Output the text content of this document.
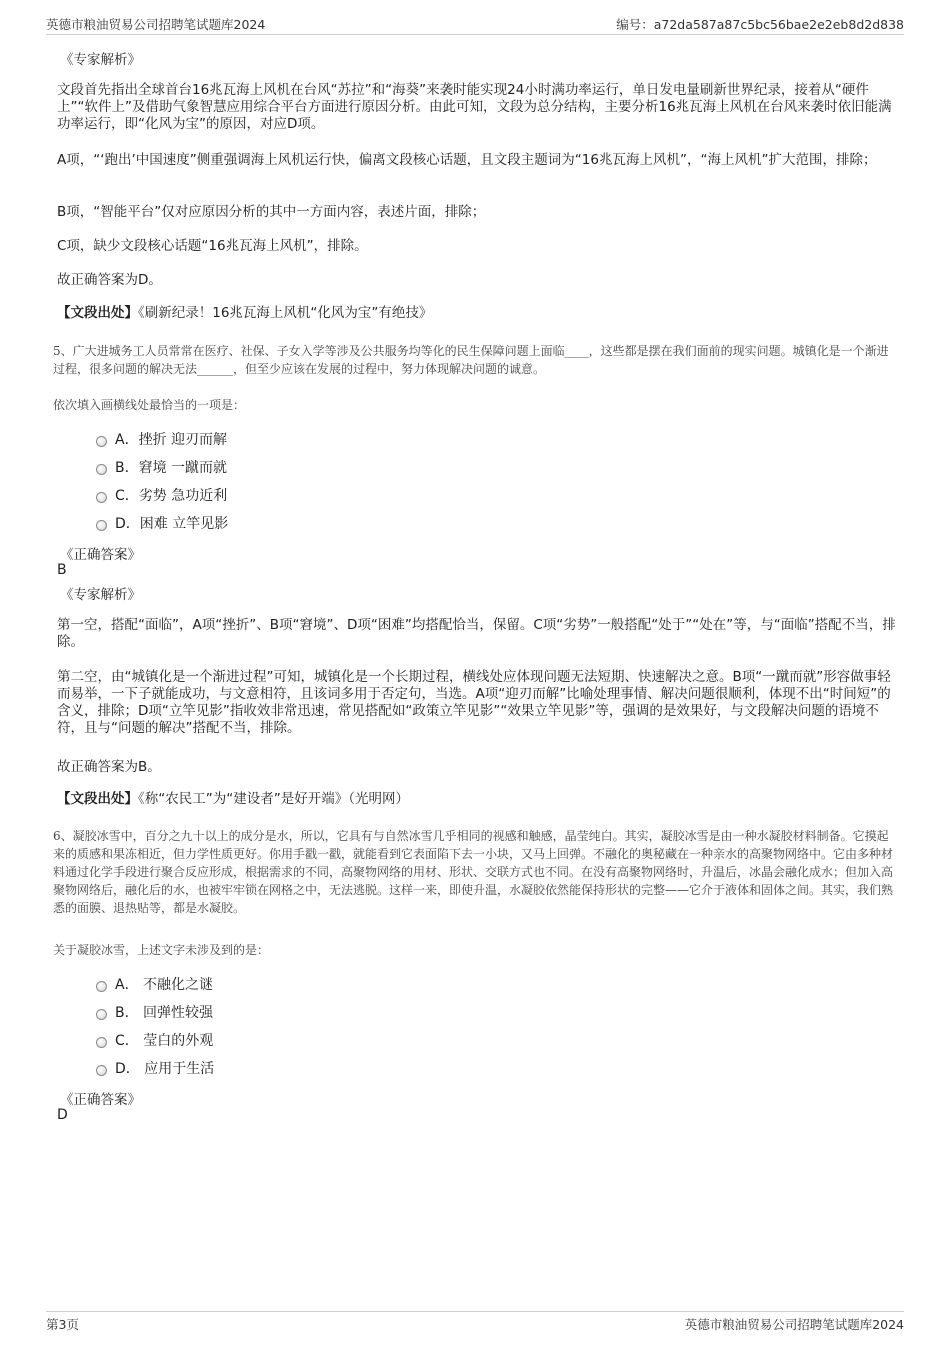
英德市粮油贸易公司招聘笔试题库2024	编号：a72da587a87c5bc56bae2e2eb8d2d838
《专家解析》
文段首先指出全球首台16兆瓦海上风机在台风“苏拉”和“海葵”来袭时能实现24小时满功率运行，单日发电量刷新世界纪录，接着从“硬件上”“软件上”及借助气象智慧应用综合平台方面进行原因分析。由此可知，文段为总分结构，主要分析16兆瓦海上风机在台风来袭时依旧能满功率运行，即“化风为宝”的原因，对应D项。
A项，“‘跑出’中国速度”侧重强调海上风机运行快，偏离文段核心话题，且文段主题词为“16兆瓦海上风机”，“海上风机”扩大范围，排除；
B项，“智能平台”仅对应原因分析的其中一方面内容，表述片面，排除；
C项，缺少文段核心话题“16兆瓦海上风机”，排除。
故正确答案为D。
【文段出处】《刷新纪录！16兆瓦海上风机“化风为宝”有绝技》
5、广大进城务工人员常常在医疗、社保、子女入学等涉及公共服务均等化的民生保障问题上面临____，这些都是摆在我们面前的现实问题。城镇化是一个渐进过程，很多问题的解决无法______，但至少应该在发展的过程中，努力体现解决问题的诚意。
依次填入画横线处最恰当的一项是：
A．挫折 迎刃而解
B．窘境 一蹴而就
C．劣势 急功近利
D．困难 立竿见影
《正确答案》
B
《专家解析》
第一空，搭配“面临”，A项“挫折”、B项“窘境”、D项“困难”均搭配恰当，保留。C项“劣势”一般搭配“处于”“处在”等，与“面临”搭配不当，排除。
第二空，由“城镇化是一个渐进过程”可知，城镇化是一个长期过程，横线处应体现问题无法短期、快速解决之意。B项“一蹴而就”形容做事轻而易举，一下子就能成功，与文意相符，且该词多用于否定句，当选。A项“迎刃而解”比喻处理事情、解决问题很顺利，体现不出“时间短”的含义，排除；D项“立竿见影”指收效非常迅速，常见搭配如“政策立竿见影”“效果立竿见影”等，强调的是效果好，与文段解决问题的语境不符，且与“问题的解决”搭配不当，排除。
故正确答案为B。
【文段出处】《称“农民工”为“建设者”是好开端》（光明网）
6、凝胶冰雪中，百分之九十以上的成分是水，所以，它具有与自然冰雪几乎相同的视感和触感，晶莹纯白。其实，凝胶冰雪是由一种水凝胶材料制备。它摸起来的质感和果冻相近，但力学性质更好。你用手戳一戳，就能看到它表面陷下去一小块，又马上回弹。不融化的奥秘藏在一种亲水的高聚物网络中。它由多种材料通过化学手段进行聚合反应形成，根据需求的不同，高聚物网络的用材、形状、交联方式也不同。在没有高聚物网络时，升温后，冰晶会融化成水；但加入高聚物网络后，融化后的水，也被牢牢锁在网格之中，无法逃脱。这样一来，即使升温，水凝胶依然能保持形状的完整——它介于液体和固体之间。其实，我们熟悉的面膜、退热贴等，都是水凝胶。
关于凝胶冰雪，上述文字未涉及到的是：
A． 不融化之谜
B． 回弹性较强
C． 莹白的外观
D． 应用于生活
《正确答案》
D
第3页	英德市粮油贸易公司招聘笔试题库2024
